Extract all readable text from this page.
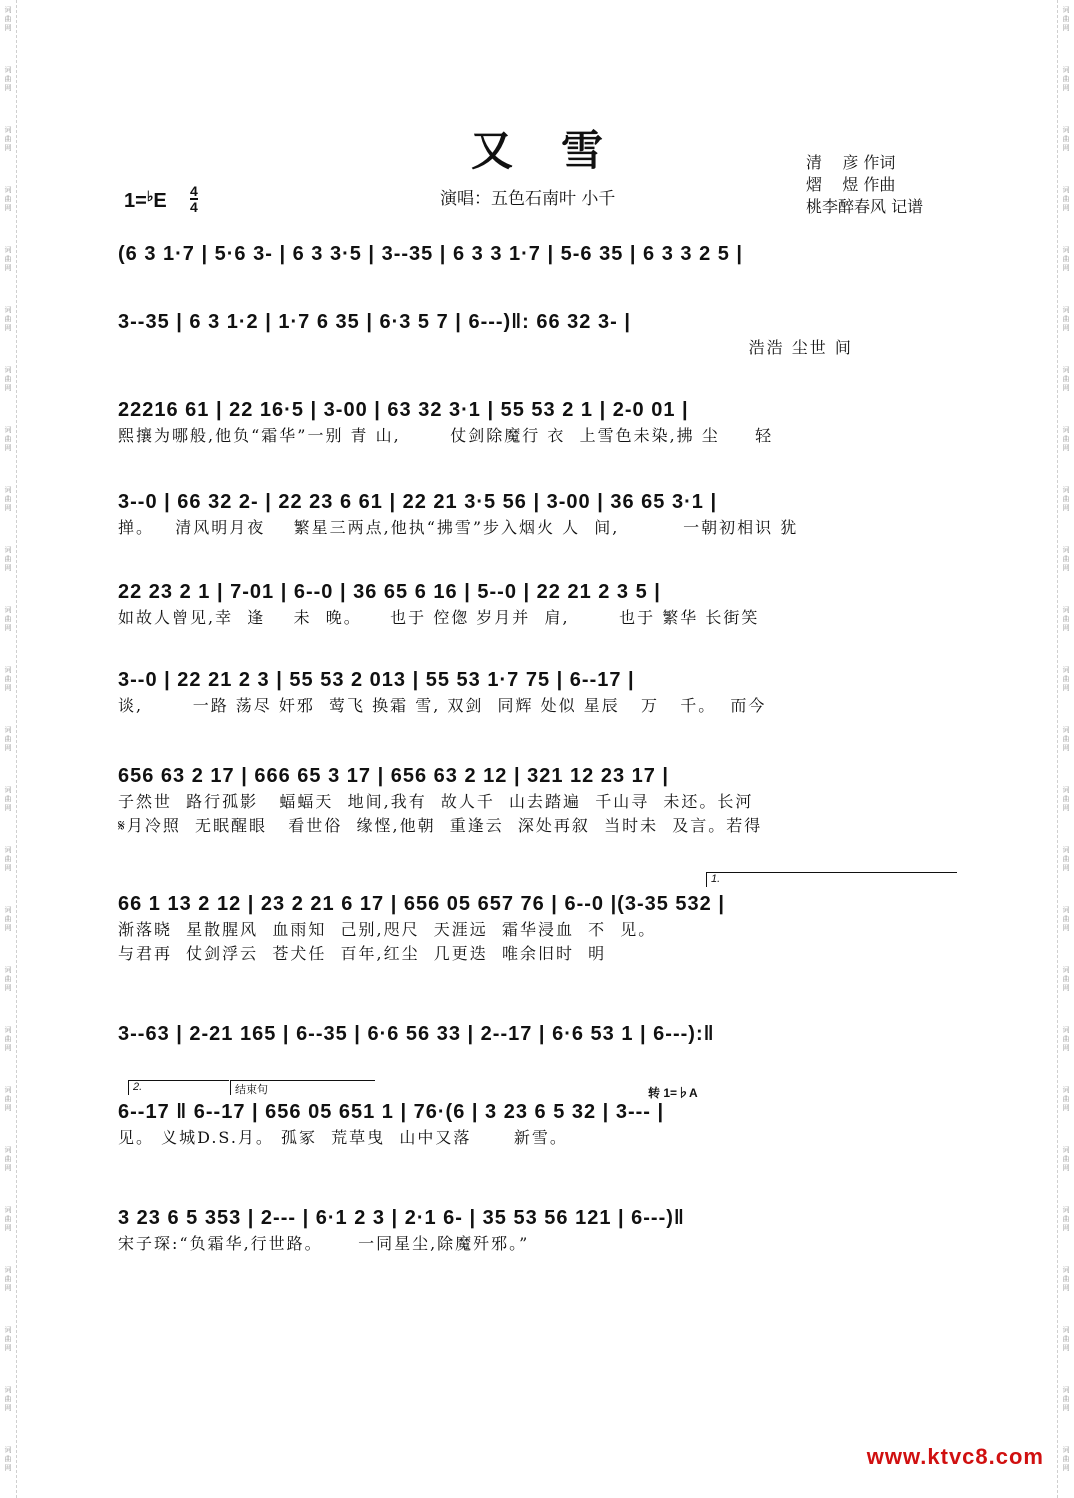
词曲网
词曲网
词曲网
词曲网
词曲网
词曲网
词曲网
词曲网
词曲网
词曲网
词曲网
词曲网
词曲网
词曲网
词曲网
词曲网
词曲网
词曲网
词曲网
词曲网
词曲网
词曲网
词曲网
词曲网
词曲网
词曲网
词曲网
词曲网
词曲网
词曲网
词曲网
词曲网
词曲网
词曲网
词曲网
词曲网
词曲网
词曲网
词曲网
词曲网
词曲网
词曲网
词曲网
词曲网
词曲网
词曲网
词曲网
词曲网
词曲网
词曲网
又雪
1=♭E 4
4	演唱：五色石南叶 小千
清    彦 作词
熠    煜 作曲
桃李醉春风 记谱
(6 3 1·7 | 5·6 3- | 6 3 3·5 | 3--35 | 6 3 3 1·7 | 5-6 35 | 6 3 3 2 5 |
3--35 | 6 3 1·2 | 1·7 6 35 | 6·3 5 7 | 6---)‖: 66 32 3- |
浩浩 尘世 间
22216 61 | 22 16·5 | 3-00 | 63 32 3·1 | 55 53 2 1 | 2-0 01 |
熙攘为哪般,他负“霜华”一别 青 山,       仗剑除魔行 衣  上雪色未染,拂 尘     轻
3--0 | 66 32 2- | 22 23 6 61 | 22 21 3·5 56 | 3-00 | 36 65 3·1 |
掸。   清风明月夜    繁星三两点,他执“拂雪”步入烟火 人  间,         一朝初相识 犹
22 23 2 1 | 7-01 | 6--0 | 36 65 6 16 | 5--0 | 22 21 2 3 5 |
如故人曾见,幸  逢    未  晚。    也于 倥偬 岁月并  肩,       也于 繁华 长街笑
3--0 | 22 21 2 3 | 55 53 2 013 | 55 53 1·7 75 | 6--17 |
谈,       一路 荡尽 奸邪  莺飞 换霜 雪, 双剑  同辉 处似 星辰   万   千。  而今
656 63 2 17 | 666 65 3 17 | 656 63 2 12 | 321 12 23 17 |
子然世  路行孤影   蝠蝠天  地间,我有  故人千  山去踏遍  千山寻  未还。长河
𝄋月冷照  无眠醒眼   看世俗  缘悭,他朝  重逢云  深处再叙  当时未  及言。若得
66 1 13 2 12 | 23 2 21 6 17 | 656 05 657 76 | 6--0 |(3-35 532 |
渐落晓  星散腥风  血雨知  己别,咫尺  天涯远  霜华浸血  不  见。
与君再  仗剑浮云  苍犬任  百年,红尘  几更迭  唯余旧时  明
3--63 | 2-21 165 | 6--35 | 6·6 56 33 | 2--17 | 6·6 53 1 | 6---):‖
6--17 ‖ 6--17 | 656 05 651 1 | 76·(6 | 3 23 6 5 32 | 3--- |
见。 义城D.S.月。 孤冢  荒草曳  山中又落      新雪。
3 23 6 5 353 | 2--- | 6·1 2 3 | 2·1 6- | 35 53 56 121 | 6---)‖
宋子琛:“负霜华,行世路。     一同星尘,除魔歼邪。”
1.
2.	结束句	转 1=♭A
www.ktvc8.com
